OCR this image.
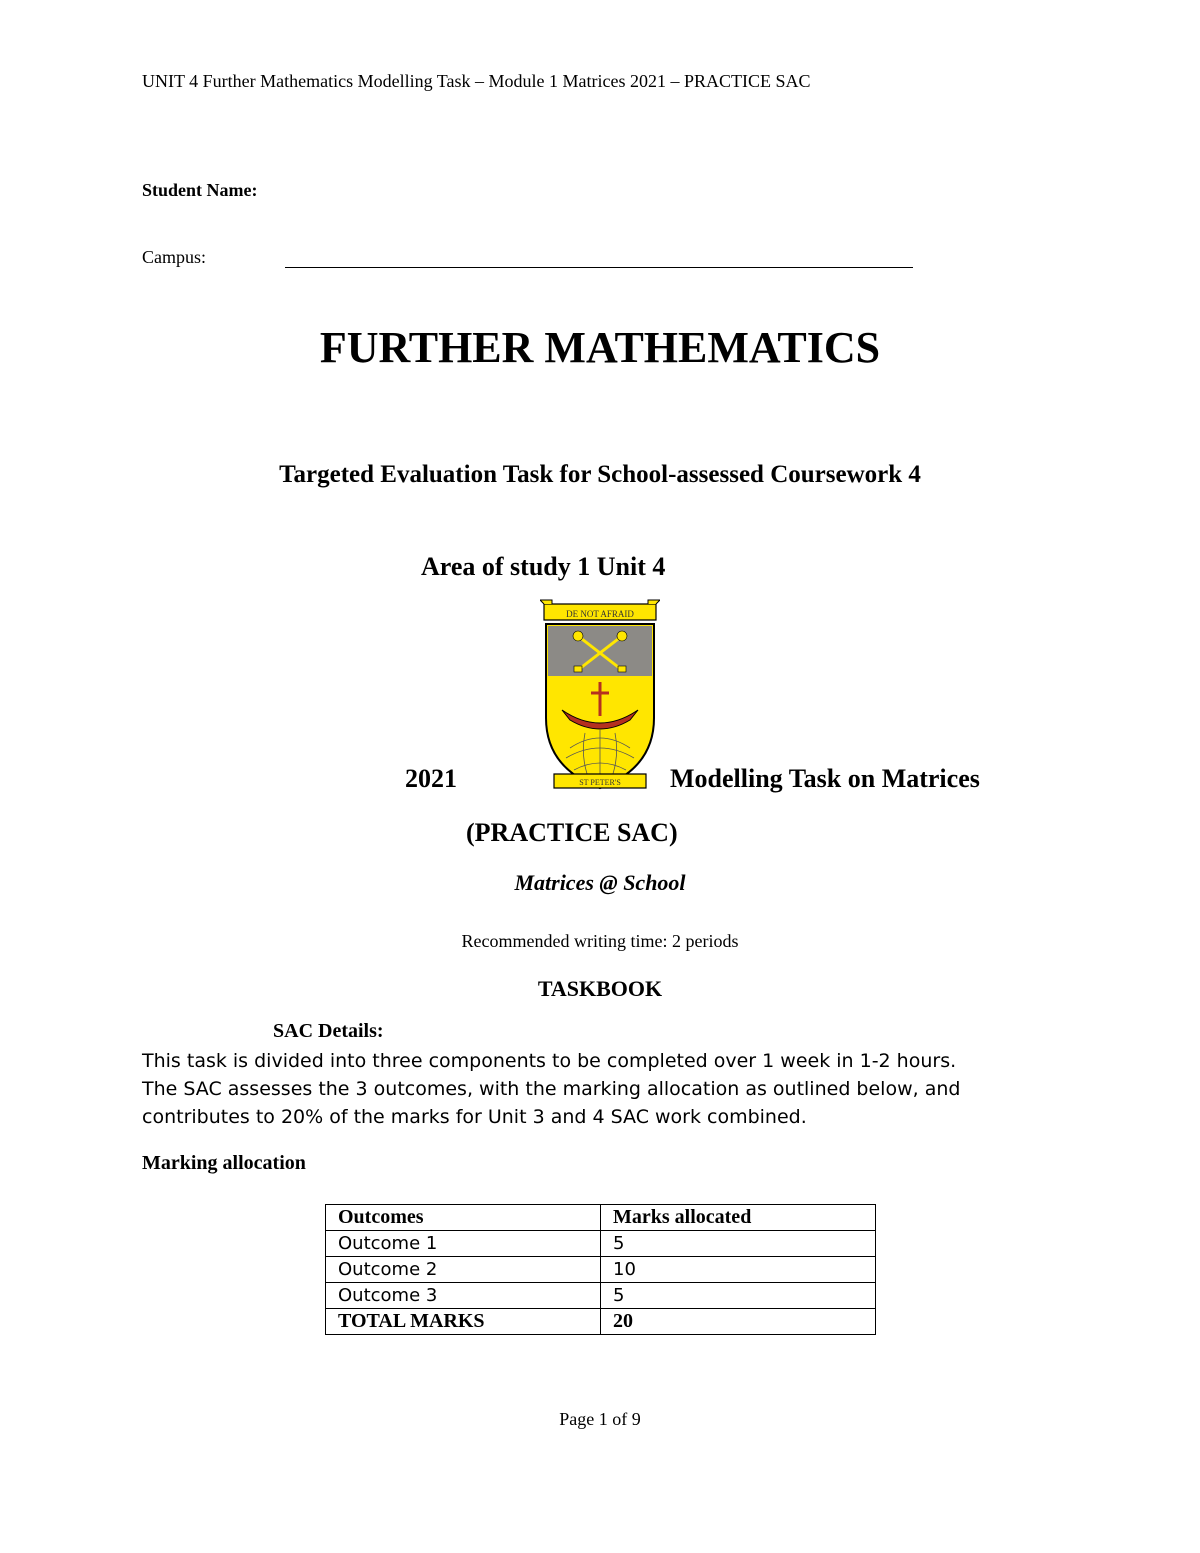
UNIT 4 Further Mathematics Modelling Task – Module 1 Matrices 2021 – PRACTICE SAC
Student Name:
Campus:
FURTHER MATHEMATICS
Targeted Evaluation Task for School-assessed Coursework 4
Area of study 1 Unit 4
DE NOT AFRAID
ST PETER'S
2021	Modelling Task on Matrices
(PRACTICE SAC)
Matrices @ School
Recommended writing time: 2 periods
TASKBOOK
SAC Details:
This task is divided into three components to be completed over 1 week in 1-2 hours.
The SAC assesses the 3 outcomes, with the marking allocation as outlined below, and
contributes to 20% of the marks for Unit 3 and 4 SAC work combined.
Marking allocation
Outcomes	Marks allocated
Outcome 1	5
Outcome 2	10
Outcome 3	5
TOTAL MARKS	20
Page 1 of 9
